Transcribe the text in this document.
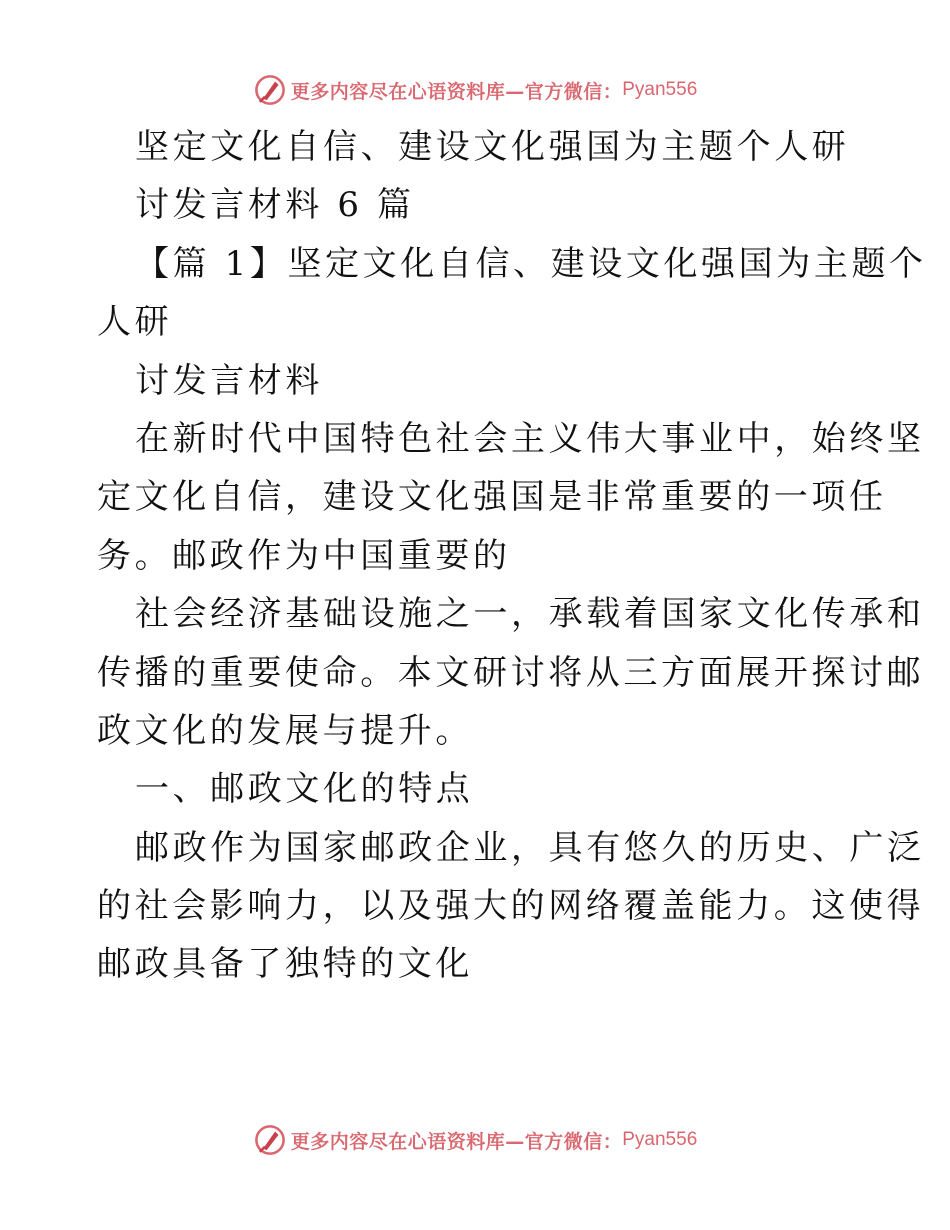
更多内容尽在心语资料库—官方微信： Pyan556
坚定文化自信、建设文化强国为主题个人研
讨发言材料 6 篇
【篇 1】坚定文化自信、建设文化强国为主题个
人研
讨发言材料
在新时代中国特色社会主义伟大事业中，始终坚
定文化自信，建设文化强国是非常重要的一项任
务。邮政作为中国重要的
社会经济基础设施之一，承载着国家文化传承和
传播的重要使命。本文研讨将从三方面展开探讨邮
政文化的发展与提升。
一、邮政文化的特点
邮政作为国家邮政企业，具有悠久的历史、广泛
的社会影响力，以及强大的网络覆盖能力。这使得
邮政具备了独特的文化
更多内容尽在心语资料库—官方微信： Pyan556
